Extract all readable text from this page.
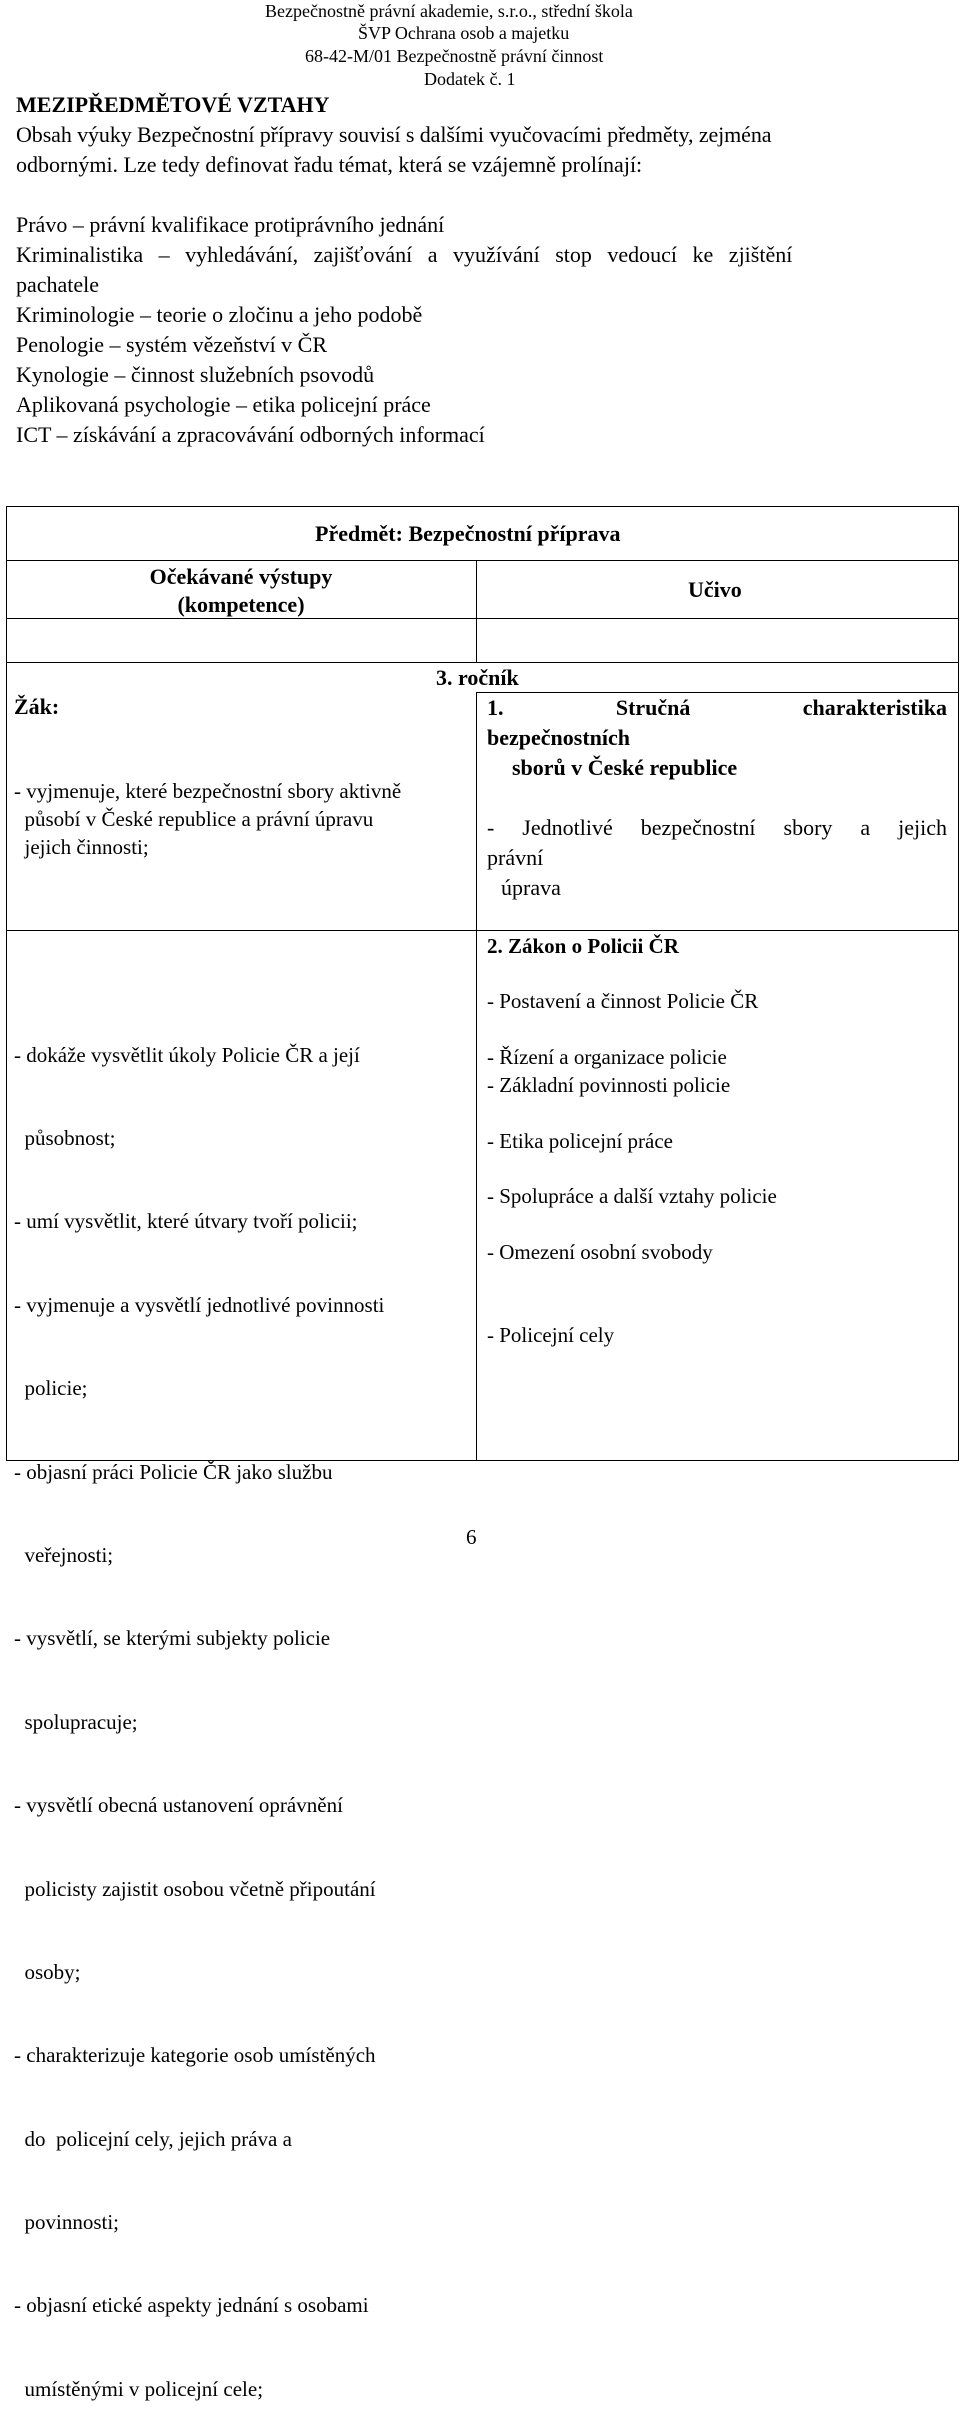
Bezpečnostně právní akademie, s.r.o., střední škola
ŠVP Ochrana osob a majetku
68-42-M/01 Bezpečnostně právní činnost
Dodatek č. 1
MEZIPŘEDMĚTOVÉ VZTAHY
Obsah výuky Bezpečnostní přípravy souvisí s dalšími vyučovacími předměty, zejména
odbornými. Lze tedy definovat řadu témat, která se vzájemně prolínají:
Právo – právní kvalifikace protiprávního jednání
Kriminalistika – vyhledávání, zajišťování a využívání stop vedoucí ke zjištění
pachatele
Kriminologie – teorie o zločinu a jeho podobě
Penologie – systém vězeňství v ČR
Kynologie – činnost služebních psovodů
Aplikovaná psychologie – etika policejní práce
ICT – získávání a zpracovávání odborných informací
Předmět: Bezpečnostní příprava
Očekávané výstupy
(kompetence)
Učivo
3. ročník
Žák:
- vyjmenuje, které bezpečnostní sbory aktivně
působí v České republice a právní úpravu
jejich činnosti;
1.	Stručná	charakteristika
bezpečnostních
sborů v České republice
- Jednotlivé bezpečnostní sbory a jejich
právní
úprava
2. Zákon o Policii ČR

- dokáže vysvětlit úkoly Policie ČR a její

působnost;

- umí vysvětlit, které útvary tvoří policii;

- vyjmenuje a vysvětlí jednotlivé povinnosti

policie;

- objasní práci Policie ČR jako službu

veřejnosti;

- vysvětlí, se kterými subjekty policie

spolupracuje;

- vysvětlí obecná ustanovení oprávnění

policisty zajistit osobou včetně připoutání

osoby;

- charakterizuje kategorie osob umístěných

do  policejní cely, jejich práva a

povinnosti;

- objasní etické aspekty jednání s osobami

umístěnými v policejní cele;

- Postavení a činnost Policie ČR
- Řízení a organizace policie
- Základní povinnosti policie
- Etika policejní práce
- Spolupráce a další vztahy policie
- Omezení osobní svobody
- Policejní cely
6
